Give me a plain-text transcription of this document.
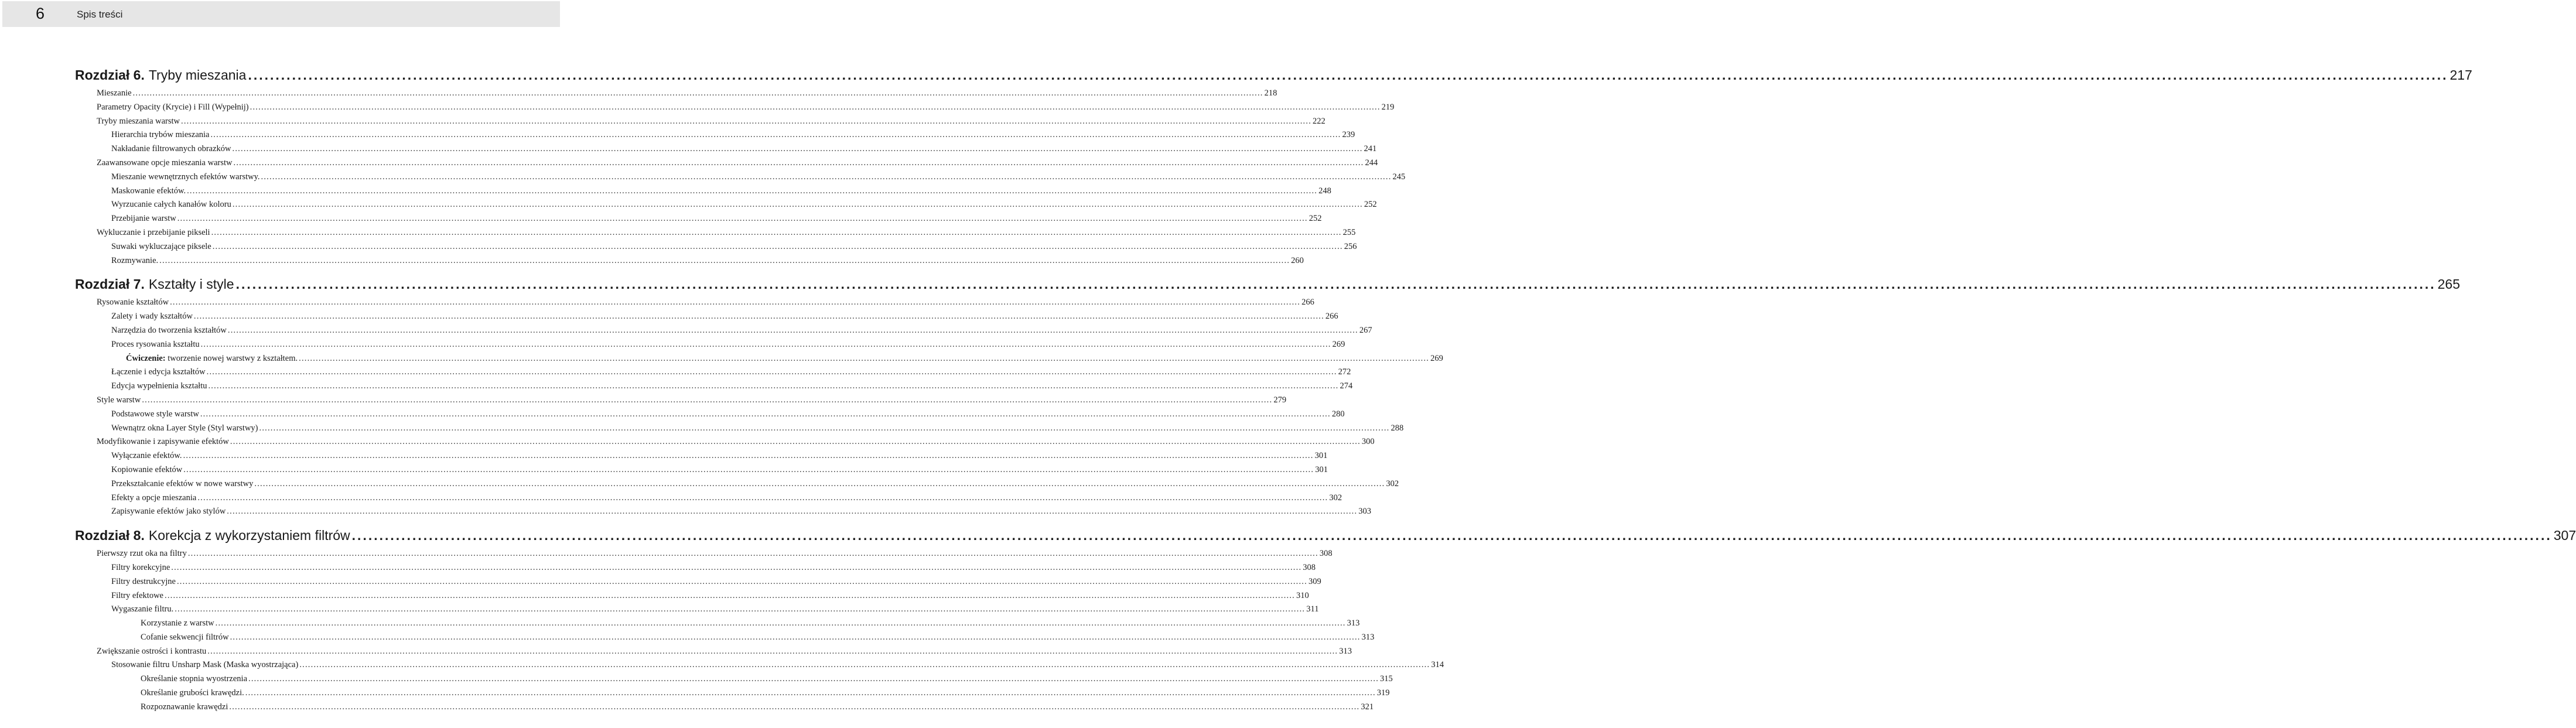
6	Spis treści
Rozdział 6. Tryby mieszania ................................................................................................................................................................................................................................................................................................................................................................................................................ 217
Mieszanie ................................................................................................................................................................................................................................................................................................................................................................................................................ 218
Parametry Opacity (Krycie) i Fill (Wypełnij) ................................................................................................................................................................................................................................................................................................................................................................................................................ 219
Tryby mieszania warstw ................................................................................................................................................................................................................................................................................................................................................................................................................ 222
Hierarchia trybów mieszania ................................................................................................................................................................................................................................................................................................................................................................................................................ 239
Nakładanie filtrowanych obrazków ................................................................................................................................................................................................................................................................................................................................................................................................................ 241
Zaawansowane opcje mieszania warstw ................................................................................................................................................................................................................................................................................................................................................................................................................ 244
Mieszanie wewnętrznych efektów warstwy. ................................................................................................................................................................................................................................................................................................................................................................................................................ 245
Maskowanie efektów. ................................................................................................................................................................................................................................................................................................................................................................................................................ 248
Wyrzucanie całych kanałów koloru ................................................................................................................................................................................................................................................................................................................................................................................................................ 252
Przebijanie warstw ................................................................................................................................................................................................................................................................................................................................................................................................................ 252
Wykluczanie i przebijanie pikseli ................................................................................................................................................................................................................................................................................................................................................................................................................ 255
Suwaki wykluczające piksele ................................................................................................................................................................................................................................................................................................................................................................................................................ 256
Rozmywanie. ................................................................................................................................................................................................................................................................................................................................................................................................................ 260
Rozdział 7. Kształty i style ................................................................................................................................................................................................................................................................................................................................................................................................................ 265
Rysowanie kształtów ................................................................................................................................................................................................................................................................................................................................................................................................................ 266
Zalety i wady kształtów ................................................................................................................................................................................................................................................................................................................................................................................................................ 266
Narzędzia do tworzenia kształtów ................................................................................................................................................................................................................................................................................................................................................................................................................ 267
Proces rysowania kształtu ................................................................................................................................................................................................................................................................................................................................................................................................................ 269
Ćwiczenie: tworzenie nowej warstwy z kształtem. ................................................................................................................................................................................................................................................................................................................................................................................................................ 269
Łączenie i edycja kształtów ................................................................................................................................................................................................................................................................................................................................................................................................................ 272
Edycja wypełnienia kształtu ................................................................................................................................................................................................................................................................................................................................................................................................................ 274
Style warstw ................................................................................................................................................................................................................................................................................................................................................................................................................ 279
Podstawowe style warstw ................................................................................................................................................................................................................................................................................................................................................................................................................ 280
Wewnątrz okna Layer Style (Styl warstwy) ................................................................................................................................................................................................................................................................................................................................................................................................................ 288
Modyfikowanie i zapisywanie efektów ................................................................................................................................................................................................................................................................................................................................................................................................................ 300
Wyłączanie efektów. ................................................................................................................................................................................................................................................................................................................................................................................................................ 301
Kopiowanie efektów ................................................................................................................................................................................................................................................................................................................................................................................................................ 301
Przekształcanie efektów w nowe warstwy ................................................................................................................................................................................................................................................................................................................................................................................................................ 302
Efekty a opcje mieszania ................................................................................................................................................................................................................................................................................................................................................................................................................ 302
Zapisywanie efektów jako stylów ................................................................................................................................................................................................................................................................................................................................................................................................................ 303
Rozdział 8. Korekcja z wykorzystaniem filtrów ................................................................................................................................................................................................................................................................................................................................................................................................................ 307
Pierwszy rzut oka na filtry ................................................................................................................................................................................................................................................................................................................................................................................................................ 308
Filtry korekcyjne ................................................................................................................................................................................................................................................................................................................................................................................................................ 308
Filtry destrukcyjne ................................................................................................................................................................................................................................................................................................................................................................................................................ 309
Filtry efektowe ................................................................................................................................................................................................................................................................................................................................................................................................................ 310
Wygaszanie filtru. ................................................................................................................................................................................................................................................................................................................................................................................................................ 311
Korzystanie z warstw ................................................................................................................................................................................................................................................................................................................................................................................................................ 313
Cofanie sekwencji filtrów ................................................................................................................................................................................................................................................................................................................................................................................................................ 313
Zwiększanie ostrości i kontrastu ................................................................................................................................................................................................................................................................................................................................................................................................................ 313
Stosowanie filtru Unsharp Mask (Maska wyostrzająca) ................................................................................................................................................................................................................................................................................................................................................................................................................ 314
Określanie stopnia wyostrzenia ................................................................................................................................................................................................................................................................................................................................................................................................................ 315
Określanie grubości krawędzi. ................................................................................................................................................................................................................................................................................................................................................................................................................ 319
Rozpoznawanie krawędzi ................................................................................................................................................................................................................................................................................................................................................................................................................ 321
